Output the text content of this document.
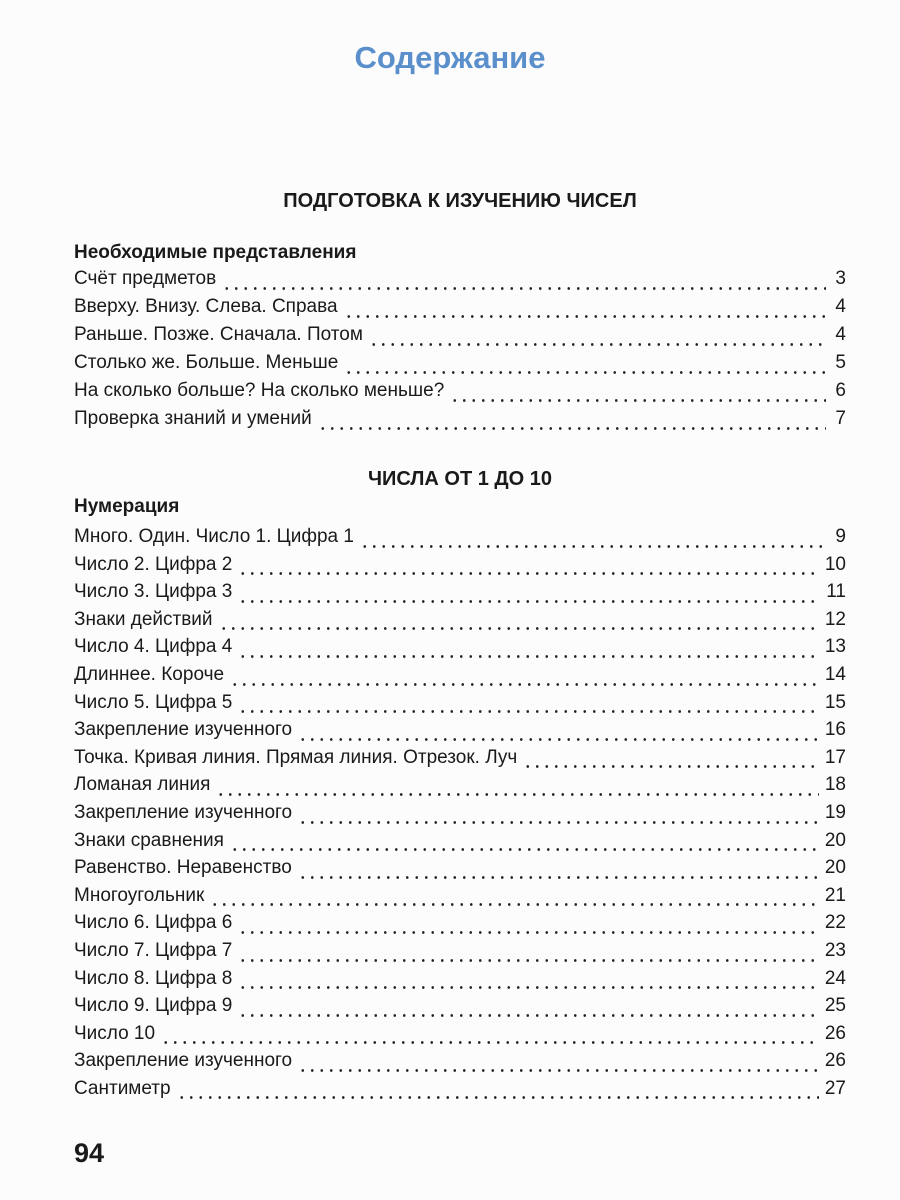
Содержание
ПОДГОТОВКА К ИЗУЧЕНИЮ ЧИСЕЛ
Необходимые представления
Счёт предметов	3
Вверху. Внизу. Слева. Справа	4
Раньше. Позже. Сначала. Потом	4
Столько же. Больше. Меньше	5
На сколько больше? На сколько меньше?	6
Проверка знаний и умений	7
ЧИСЛА ОТ 1 ДО 10
Нумерация
Много. Один. Число 1. Цифра 1	9
Число 2. Цифра 2	10
Число 3. Цифра 3	11
Знаки действий	12
Число 4. Цифра 4	13
Длиннее. Короче	14
Число 5. Цифра 5	15
Закрепление изученного	16
Точка. Кривая линия. Прямая линия. Отрезок. Луч	17
Ломаная линия	18
Закрепление изученного	19
Знаки сравнения	20
Равенство. Неравенство	20
Многоугольник	21
Число 6. Цифра 6	22
Число 7. Цифра 7	23
Число 8. Цифра 8	24
Число 9. Цифра 9	25
Число 10	26
Закрепление изученного	26
Сантиметр	27
94
